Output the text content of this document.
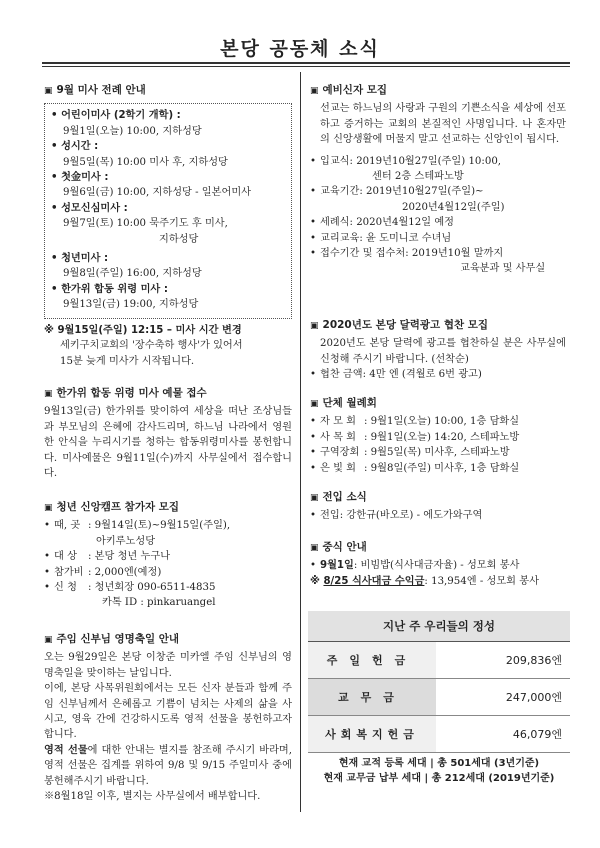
본당 공동체 소식
▣ 9월 미사 전례 안내
• 어린이미사 (2학기 개학) :
9월1일(오늘) 10:00, 지하성당
• 성시간 :
9월5일(목) 10:00 미사 후, 지하성당
• 첫金미사 :
9월6일(금) 10:00, 지하성당 - 일본어미사
• 성모신심미사 :
9월7일(토) 10:00 묵주기도 후 미사,
지하성당
• 청년미사 :
9월8일(주일) 16:00, 지하성당
• 한가위 합동 위령 미사 :
9월13일(금) 19:00, 지하성당
※ 9월15일(주일) 12:15 – 미사 시간 변경
세키구치교회의 '장수축하 행사'가 있어서
15분 늦게 미사가 시작됩니다.
▣ 한가위 합동 위령 미사 예물 접수
9월13일(금) 한가위를 맞이하여 세상을 떠난 조상님들과 부모님의 은혜에 감사드리며, 하느님 나라에서 영원한 안식을 누리시기를 청하는 합동위령미사를 봉헌합니다. 미사예물은 9월11일(수)까지 사무실에서 접수합니다.
▣ 청년 신앙캠프 참가자 모집
• 때, 곳 : 9월14일(토)~9월15일(주일),
아키루노성당
• 대 상	: 본당 청년 누구나
• 참가비 : 2,000엔(예정)
• 신 청	: 청년회장 090-6511-4835
카톡 ID : pinkaruangel
▣ 주임 신부님 영명축일 안내
오는 9월29일은 본당 이창준 미카엘 주임 신부님의 영명축일을 맞이하는 날입니다.
이에, 본당 사목위원회에서는 모든 신자 분들과 함께 주임 신부님께서 은혜롭고 기쁨이 넘치는 사제의 삶을 사시고, 영육 간에 건강하시도록 영적 선물을 봉헌하고자 합니다.
영적 선물에 대한 안내는 별지를 참조해 주시기 바라며, 영적 선물은 집계를 위하여 9/8 및 9/15 주일미사 중에 봉헌해주시기 바랍니다.
※8월18일 이후, 별지는 사무실에서 배부합니다.
▣ 예비신자 모집
선교는 하느님의 사랑과 구원의 기쁜소식을 세상에 선포하고 증거하는 교회의 본질적인 사명입니다. 나 혼자만의 신앙생활에 머물지 말고 선교하는 신앙인이 됩시다.
• 입교식 : 2019년10월27일(주일) 10:00,
센터 2층 스테파노방
• 교육기간 : 2019년10월27일(주일)~
2020년4월12일(주일)
• 세례식 : 2020년4월12일 예정
• 교리교육 : 윤 도미니코 수녀님
• 접수기간 및 접수처 : 2019년10월 말까지
교육분과 및 사무실
▣ 2020년도 본당 달력광고 협찬 모집
2020년도 본당 달력에 광고를 협찬하실 분은 사무실에 신청해 주시기 바랍니다. (선착순)
• 협찬 금액 : 4만 엔 (격월로 6번 광고)
▣ 단체 월례회
• 자 모 회 : 9월1일(오늘) 10:00, 1층 담화실
• 사 목 회 : 9월1일(오늘) 14:20, 스테파노방
• 구역장회 : 9월5일(목) 미사후, 스테파노방
• 은 빛 회 : 9월8일(주일) 미사후, 1층 담화실
▣ 전입 소식
• 전입 : 강한규(바오로) - 에도가와구역
▣ 중식 안내
• 9월1일 : 비빔밥(식사대금자율) - 성모회 봉사
※ 8/25 식사대금 수익금: 13,954엔 - 성모회 봉사
지난 주 우리들의 정성	
주일헌금	209,836엔
교무금	247,000엔
사회복지헌금	46,079엔
현재 교적 등록 세대 | 총 501세대 (3년기준)
현재 교무금 납부 세대 | 총 212세대 (2019년기준)
